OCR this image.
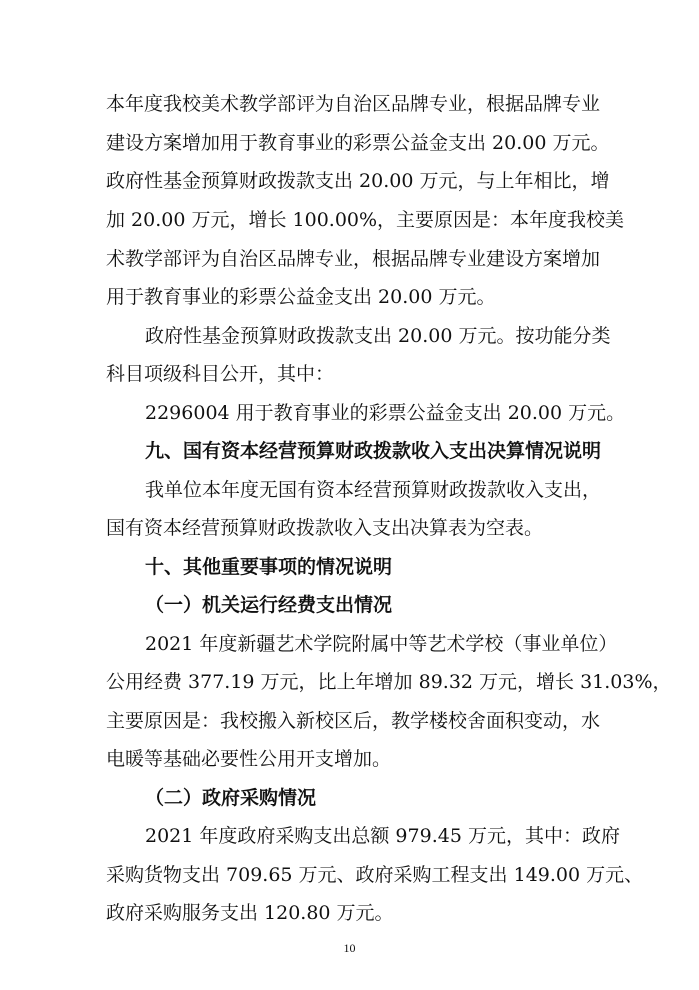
本年度我校美术教学部评为自治区品牌专业，根据品牌专业
建设方案增加用于教育事业的彩票公益金支出 20.00 万元。
政府性基金预算财政拨款支出 20.00 万元，与上年相比，增
加 20.00 万元，增长 100.00%，主要原因是：本年度我校美
术教学部评为自治区品牌专业，根据品牌专业建设方案增加
用于教育事业的彩票公益金支出 20.00 万元。
政府性基金预算财政拨款支出 20.00 万元。按功能分类
科目项级科目公开，其中：
2296004 用于教育事业的彩票公益金支出 20.00 万元。
九、国有资本经营预算财政拨款收入支出决算情况说明
我单位本年度无国有资本经营预算财政拨款收入支出，
国有资本经营预算财政拨款收入支出决算表为空表。
十、其他重要事项的情况说明
（一）机关运行经费支出情况
2021 年度新疆艺术学院附属中等艺术学校（事业单位）
公用经费 377.19 万元，比上年增加 89.32 万元，增长 31.03%，
主要原因是：我校搬入新校区后，教学楼校舍面积变动，水
电暖等基础必要性公用开支增加。
（二）政府采购情况
2021 年度政府采购支出总额 979.45 万元，其中：政府
采购货物支出 709.65 万元、政府采购工程支出 149.00 万元、
政府采购服务支出 120.80 万元。
10
